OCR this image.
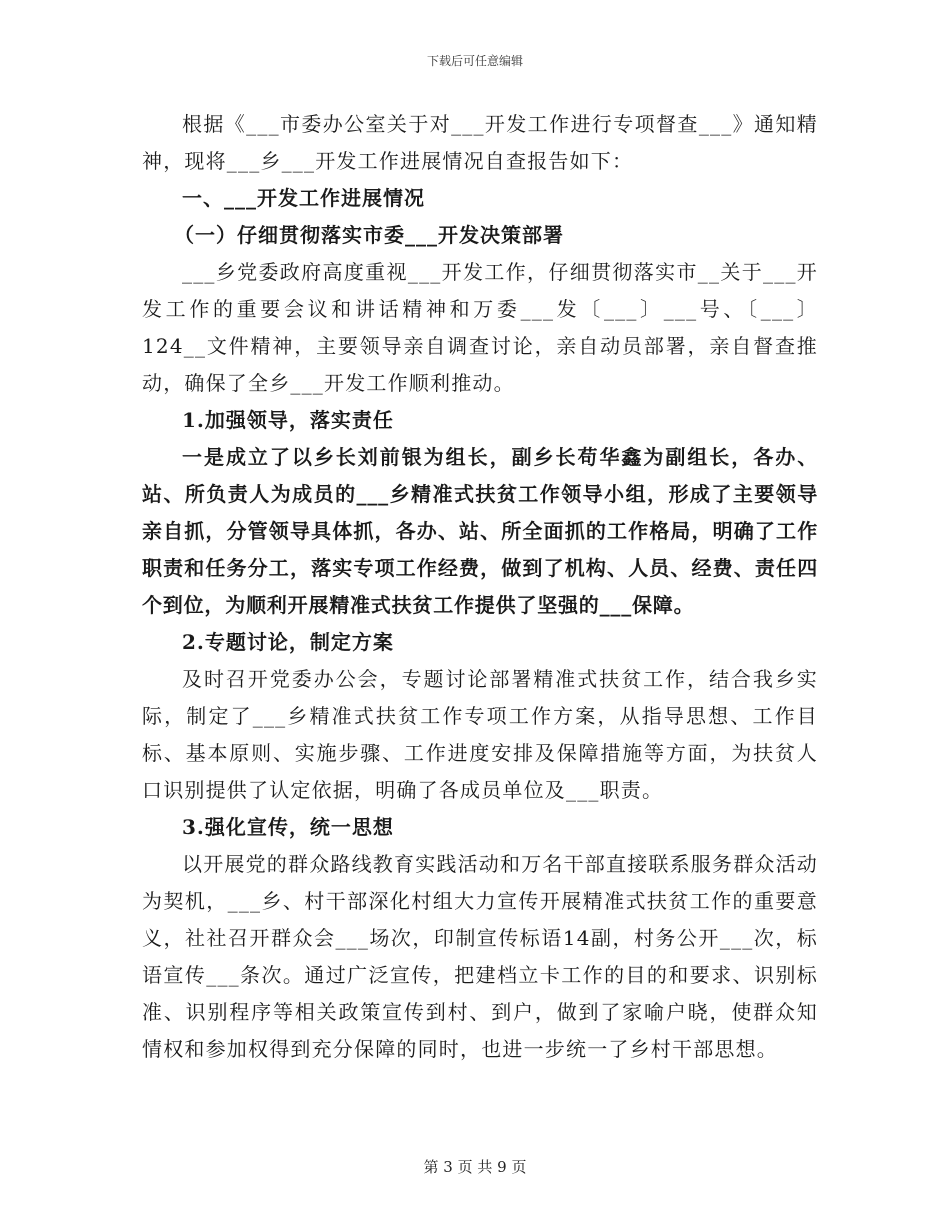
下载后可任意编辑

根据《___市委办公室关于对___开发工作进行专项督查___》通知精神，现将___乡___开发工作进展情况自查报告如下：

一、___开发工作进展情况

（一）仔细贯彻落实市委___开发决策部署

___乡党委政府高度重视___开发工作，仔细贯彻落实市__关于___开发工作的重要会议和讲话精神和万委___发〔___〕___号、〔___〕124__文件精神，主要领导亲自调查讨论，亲自动员部署，亲自督查推动，确保了全乡___开发工作顺利推动。

1.加强领导，落实责任

一是成立了以乡长刘前银为组长，副乡长苟华鑫为副组长，各办、站、所负责人为成员的___乡精准式扶贫工作领导小组，形成了主要领导亲自抓，分管领导具体抓，各办、站、所全面抓的工作格局，明确了工作职责和任务分工，落实专项工作经费，做到了机构、人员、经费、责任四个到位，为顺利开展精准式扶贫工作提供了坚强的___保障。

2.专题讨论，制定方案

及时召开党委办公会，专题讨论部署精准式扶贫工作，结合我乡实际，制定了___乡精准式扶贫工作专项工作方案，从指导思想、工作目标、基本原则、实施步骤、工作进度安排及保障措施等方面，为扶贫人口识别提供了认定依据，明确了各成员单位及___职责。

3.强化宣传，统一思想

以开展党的群众路线教育实践活动和万名干部直接联系服务群众活动为契机，___乡、村干部深化村组大力宣传开展精准式扶贫工作的重要意义，社社召开群众会___场次，印制宣传标语14副，村务公开___次，标语宣传___条次。通过广泛宣传，把建档立卡工作的目的和要求、识别标准、识别程序等相关政策宣传到村、到户，做到了家喻户晓，使群众知情权和参加权得到充分保障的同时，也进一步统一了乡村干部思想。

第 3 页 共 9 页
